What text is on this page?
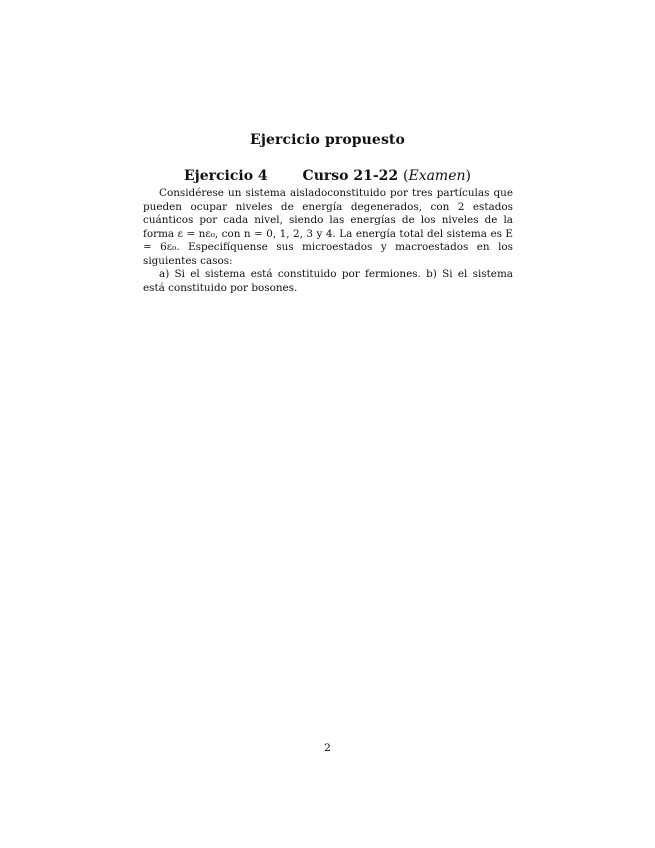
Ejercicio propuesto
Ejercicio 4 Curso 21-22 (Examen)

Considérese un sistema aisladoconstituido por tres partículas que pueden ocupar niveles de energía degenerados, con 2 estados cuánticos por cada nivel, siendo las energías de los niveles de la forma ε = nε₀, con n = 0, 1, 2, 3 y 4. La energía total del sistema es E = 6ε₀. Especifíquense sus microestados y macroestados en los siguientes casos:

a) Si el sistema está constituido por fermiones. b) Si el sistema está constituido por bosones.

2
